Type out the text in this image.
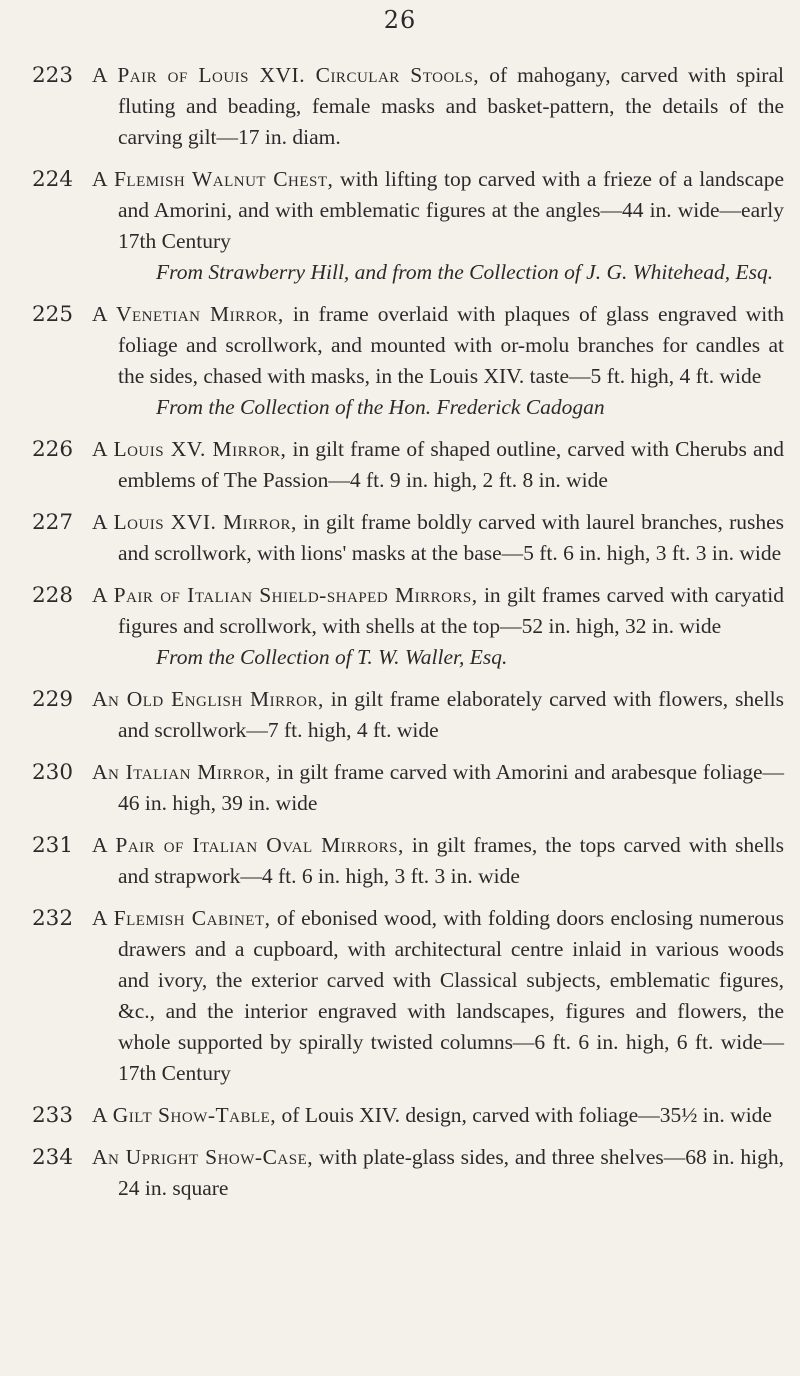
26
223 A Pair of Louis XVI. Circular Stools, of mahogany, carved with spiral fluting and beading, female masks and basket-pattern, the details of the carving gilt—17 in. diam.
224 A Flemish Walnut Chest, with lifting top carved with a frieze of a landscape and Amorini, and with emblematic figures at the angles—44 in. wide—early 17th Century
From Strawberry Hill, and from the Collection of J. G. Whitehead, Esq.
225 A Venetian Mirror, in frame overlaid with plaques of glass engraved with foliage and scrollwork, and mounted with or-molu branches for candles at the sides, chased with masks, in the Louis XIV. taste—5 ft. high, 4 ft. wide
From the Collection of the Hon. Frederick Cadogan
226 A Louis XV. Mirror, in gilt frame of shaped outline, carved with Cherubs and emblems of The Passion—4 ft. 9 in. high, 2 ft. 8 in. wide
227 A Louis XVI. Mirror, in gilt frame boldly carved with laurel branches, rushes and scrollwork, with lions' masks at the base—5 ft. 6 in. high, 3 ft. 3 in. wide
228 A Pair of Italian Shield-shaped Mirrors, in gilt frames carved with caryatid figures and scrollwork, with shells at the top—52 in. high, 32 in. wide
From the Collection of T. W. Waller, Esq.
229 An Old English Mirror, in gilt frame elaborately carved with flowers, shells and scrollwork—7 ft. high, 4 ft. wide
230 An Italian Mirror, in gilt frame carved with Amorini and arabesque foliage—46 in. high, 39 in. wide
231 A Pair of Italian Oval Mirrors, in gilt frames, the tops carved with shells and strapwork—4 ft. 6 in. high, 3 ft. 3 in. wide
232 A Flemish Cabinet, of ebonised wood, with folding doors enclosing numerous drawers and a cupboard, with architectural centre inlaid in various woods and ivory, the exterior carved with Classical subjects, emblematic figures, &c., and the interior engraved with landscapes, figures and flowers, the whole supported by spirally twisted columns—6 ft. 6 in. high, 6 ft. wide—17th Century
233 A Gilt Show-Table, of Louis XIV. design, carved with foliage—35½ in. wide
234 An Upright Show-Case, with plate-glass sides, and three shelves—68 in. high, 24 in. square
